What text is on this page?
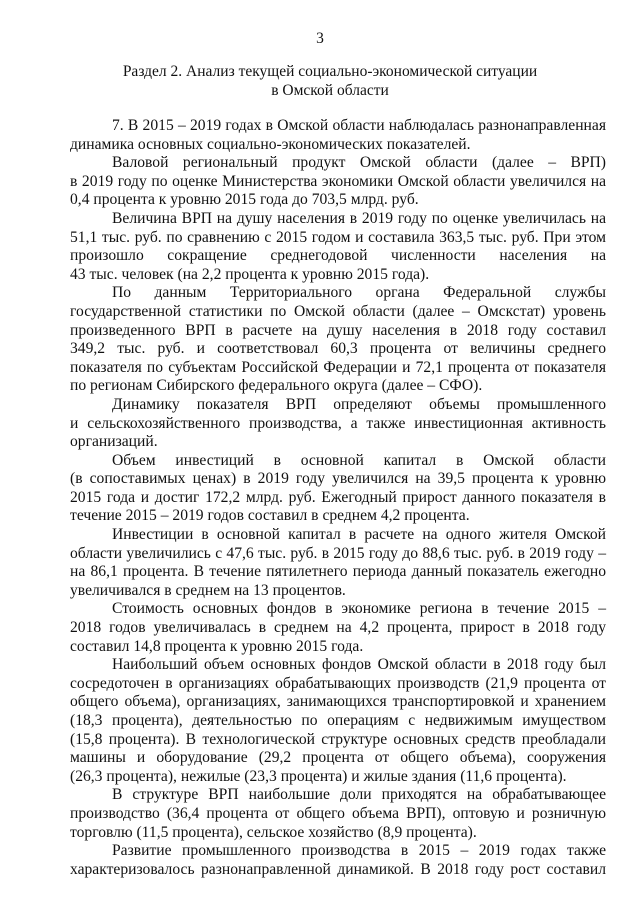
3
Раздел 2. Анализ текущей социально-экономической ситуации
в Омской области
7. В 2015 – 2019 годах в Омской области наблюдалась разнонаправленная
динамика основных социально-экономических показателей.
Валовой региональный продукт Омской области (далее – ВРП)
в 2019 году по оценке Министерства экономики Омской области увеличился на
0,4 процента к уровню 2015 года до 703,5 млрд. руб.
Величина ВРП на душу населения в 2019 году по оценке увеличилась на
51,1 тыс. руб. по сравнению с 2015 годом и составила 363,5 тыс. руб. При этом
произошло сокращение среднегодовой численности населения на
43 тыс. человек (на 2,2 процента к уровню 2015 года).
По данным Территориального органа Федеральной службы
государственной статистики по Омской области (далее – Омскстат) уровень
произведенного ВРП в расчете на душу населения в 2018 году составил
349,2 тыс. руб. и соответствовал 60,3 процента от величины среднего
показателя по субъектам Российской Федерации и 72,1 процента от показателя
по регионам Сибирского федерального округа (далее – СФО).
Динамику показателя ВРП определяют объемы промышленного
и сельскохозяйственного производства, а также инвестиционная активность
организаций.
Объем инвестиций в основной капитал в Омской области
(в сопоставимых ценах) в 2019 году увеличился на 39,5 процента к уровню
2015 года и достиг 172,2 млрд. руб. Ежегодный прирост данного показателя в
течение 2015 – 2019 годов составил в среднем 4,2 процента.
Инвестиции в основной капитал в расчете на одного жителя Омской
области увеличились с 47,6 тыс. руб. в 2015 году до 88,6 тыс. руб. в 2019 году –
на 86,1 процента. В течение пятилетнего периода данный показатель ежегодно
увеличивался в среднем на 13 процентов.
Стоимость основных фондов в экономике региона в течение 2015 –
2018 годов увеличивалась в среднем на 4,2 процента, прирост в 2018 году
составил 14,8 процента к уровню 2015 года.
Наибольший объем основных фондов Омской области в 2018 году был
сосредоточен в организациях обрабатывающих производств (21,9 процента от
общего объема), организациях, занимающихся транспортировкой и хранением
(18,3 процента), деятельностью по операциям с недвижимым имуществом
(15,8 процента). В технологической структуре основных средств преобладали
машины и оборудование (29,2 процента от общего объема), сооружения
(26,3 процента), нежилые (23,3 процента) и жилые здания (11,6 процента).
В структуре ВРП наибольшие доли приходятся на обрабатывающее
производство (36,4 процента от общего объема ВРП), оптовую и розничную
торговлю (11,5 процента), сельское хозяйство (8,9 процента).
Развитие промышленного производства в 2015 – 2019 годах также
характеризовалось разнонаправленной динамикой. В 2018 году рост составил
